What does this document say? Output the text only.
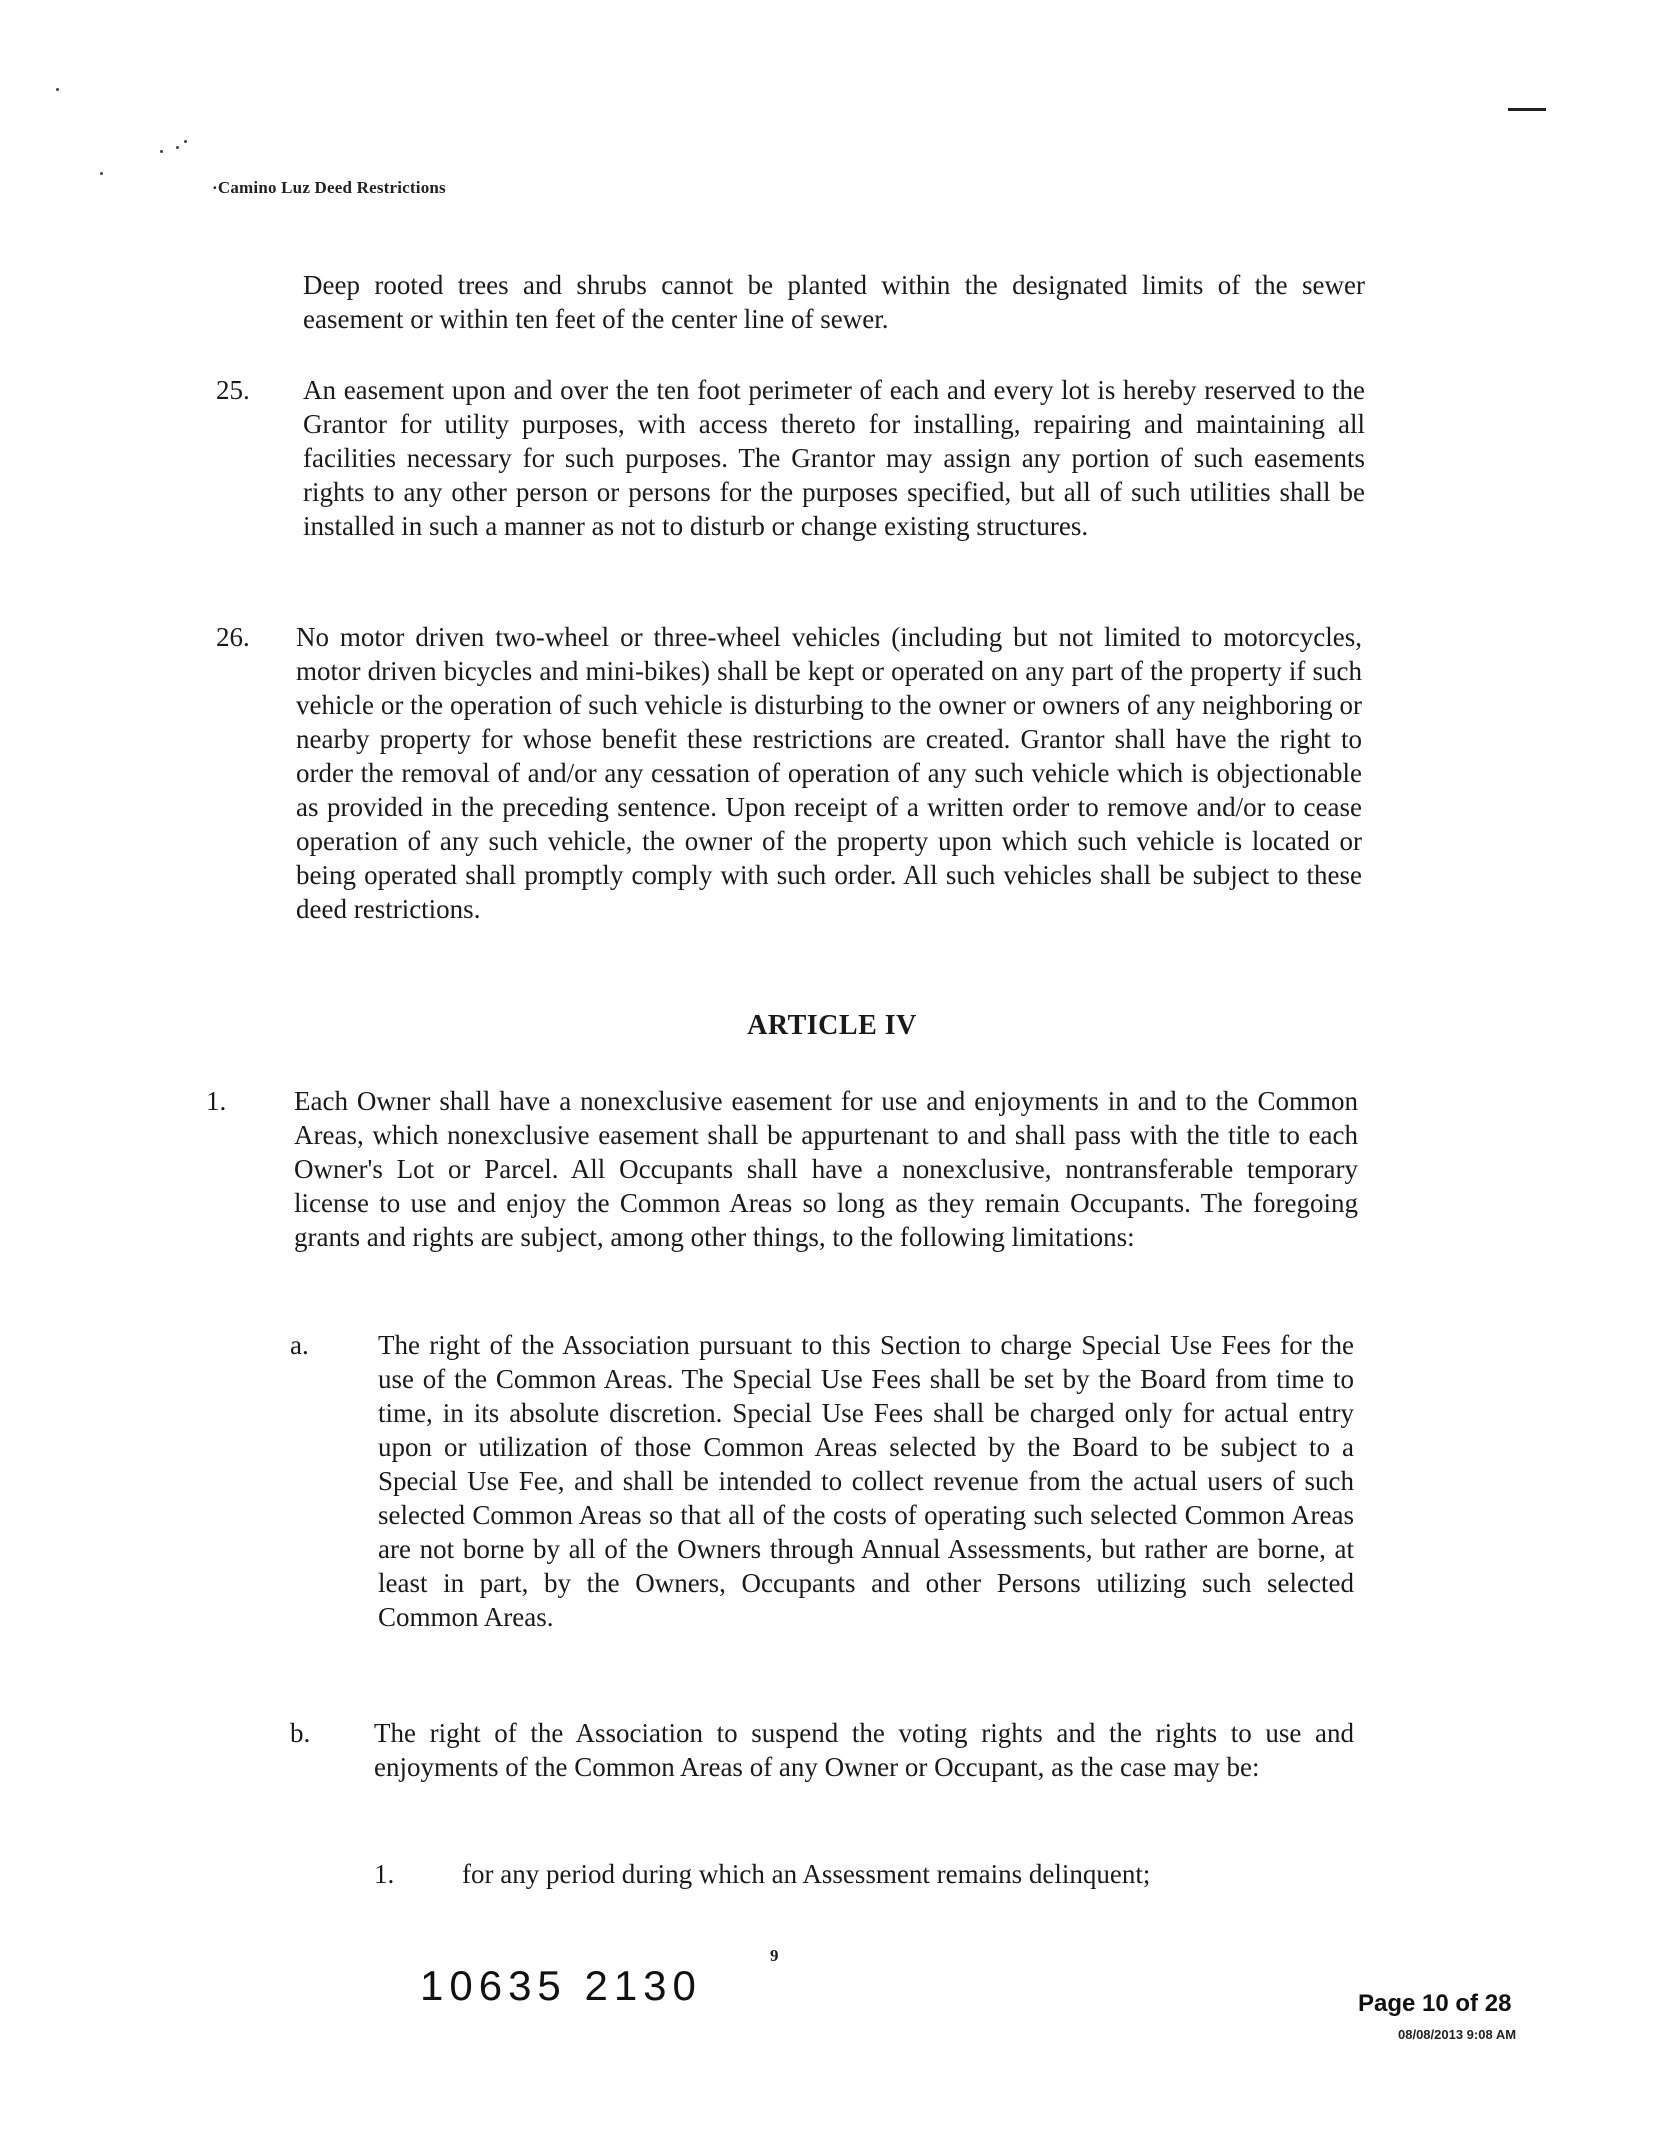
·Camino Luz Deed Restrictions

Deep rooted trees and shrubs cannot be planted within the designated limits of the sewer easement or within ten feet of the center line of sewer.

25. An easement upon and over the ten foot perimeter of each and every lot is hereby reserved to the Grantor for utility purposes, with access thereto for installing, repairing and maintaining all facilities necessary for such purposes. The Grantor may assign any portion of such easements rights to any other person or persons for the purposes specified, but all of such utilities shall be installed in such a manner as not to disturb or change existing structures.

26. No motor driven two-wheel or three-wheel vehicles (including but not limited to motorcycles, motor driven bicycles and mini-bikes) shall be kept or operated on any part of the property if such vehicle or the operation of such vehicle is disturbing to the owner or owners of any neighboring or nearby property for whose benefit these restrictions are created. Grantor shall have the right to order the removal of and/or any cessation of operation of any such vehicle which is objectionable as provided in the preceding sentence. Upon receipt of a written order to remove and/or to cease operation of any such vehicle, the owner of the property upon which such vehicle is located or being operated shall promptly comply with such order. All such vehicles shall be subject to these deed restrictions.

ARTICLE IV
1.	Each Owner shall have a nonexclusive easement for use and enjoyments in and to the Common Areas, which nonexclusive easement shall be appurtenant to and shall pass with the title to each Owner's Lot or Parcel. All Occupants shall have a nonexclusive, nontransferable temporary license to use and enjoy the Common Areas so long as they remain Occupants. The foregoing grants and rights are subject, among other things, to the following limitations:

a.	The right of the Association pursuant to this Section to charge Special Use Fees for the use of the Common Areas. The Special Use Fees shall be set by the Board from time to time, in its absolute discretion. Special Use Fees shall be charged only for actual entry upon or utilization of those Common Areas selected by the Board to be subject to a Special Use Fee, and shall be intended to collect revenue from the actual users of such selected Common Areas so that all of the costs of operating such selected Common Areas are not borne by all of the Owners through Annual Assessments, but rather are borne, at least in part, by the Owners, Occupants and other Persons utilizing such selected Common Areas.

b. The right of the Association to suspend the voting rights and the rights to use and enjoyments of the Common Areas of any Owner or Occupant, as the case may be:

1.	for any period during which an Assessment remains delinquent;

9
10635 2130	Page 10 of 28
08/08/2013 9:08 AM
